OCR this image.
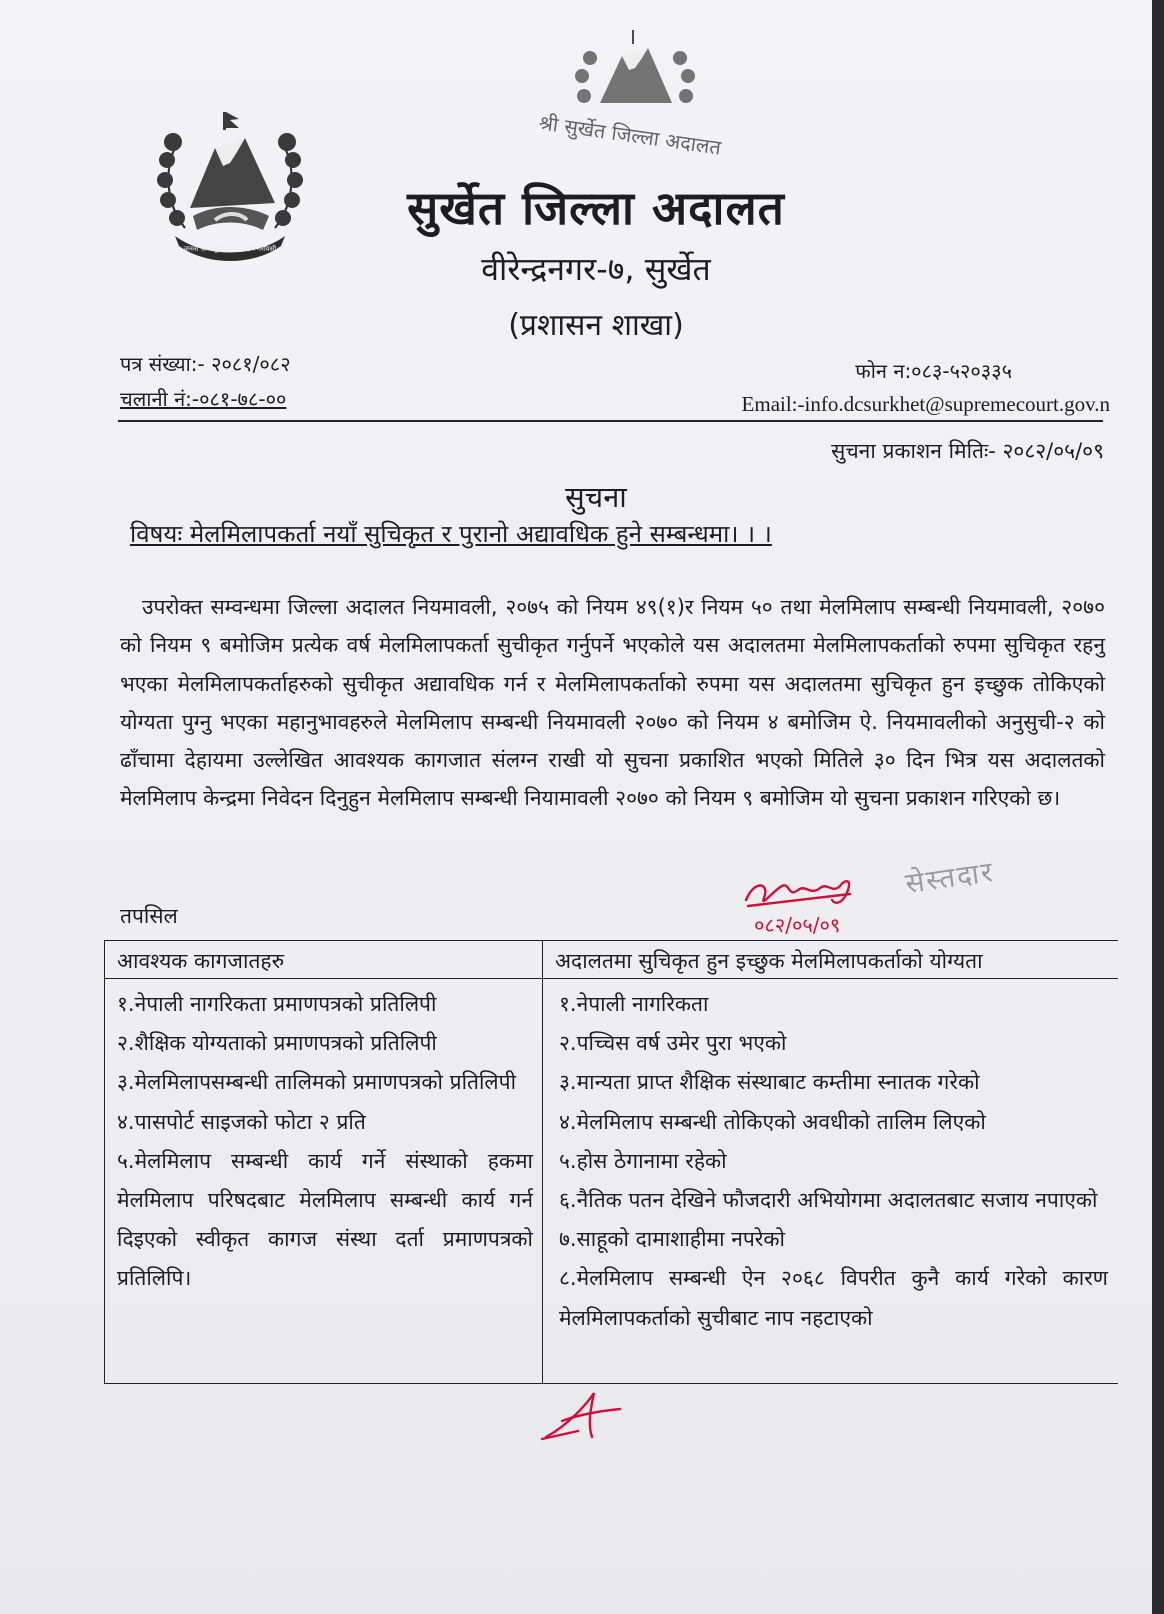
जननी जन्मभूमिश्च स्वर्गादपि गरीयसी
श्री सुर्खेत जिल्ला अदालत
सुर्खेत जिल्ला अदालत
वीरेन्द्रनगर-७, सुर्खेत
(प्रशासन शाखा)
पत्र संख्या:- २०८१/०८२
चलानी नं:-०८१-७८-००
फोन न:०८३-५२०३३५
Email:-info.dcsurkhet@supremecourt.gov.n
सुचना प्रकाशन मितिः- २०८२/०५/०९
सुचना
विषयः मेलमिलापकर्ता नयाँ सुचिकृत र पुरानो अद्यावधिक हुने सम्बन्धमा। । ।
उपरोक्त सम्वन्धमा जिल्ला अदालत नियमावली, २०७५ को नियम ४९(१)र नियम ५० तथा मेलमिलाप सम्बन्धी नियमावली, २०७० को नियम ९ बमोजिम प्रत्येक वर्ष मेलमिलापकर्ता सुचीकृत गर्नुपर्ने भएकोले यस अदालतमा मेलमिलापकर्ताको रुपमा सुचिकृत रहनु भएका मेलमिलापकर्ताहरुको सुचीकृत अद्यावधिक गर्न र मेलमिलापकर्ताको रुपमा यस अदालतमा सुचिकृत हुन इच्छुक तोकिएको योग्यता पुग्नु भएका महानुभावहरुले मेलमिलाप सम्बन्धी नियमावली २०७० को नियम ४ बमोजिम ऐ. नियमावलीको अनुसुची-२ को ढाँचामा देहायमा उल्लेखित आवश्यक कागजात संलग्न राखी यो सुचना प्रकाशित भएको मितिले ३० दिन भित्र यस अदालतको मेलमिलाप केन्द्रमा निवेदन दिनुहुन मेलमिलाप सम्बन्धी नियामावली २०७० को नियम ९ बमोजिम यो सुचना प्रकाशन गरिएको छ।
तपसिल	०८२/०५/०९
सेस्तदार
आवश्यक कागजातहरु
१.नेपाली नागरिकता प्रमाणपत्रको प्रतिलिपी
२.शैक्षिक योग्यताको प्रमाणपत्रको प्रतिलिपी
३.मेलमिलापसम्बन्धी तालिमको प्रमाणपत्रको प्रतिलिपी
४.पासपोर्ट साइजको फोटा २ प्रति
५.मेलमिलाप सम्बन्धी कार्य गर्ने संस्थाको हकमा मेलमिलाप परिषदबाट मेलमिलाप सम्बन्धी कार्य गर्न दिइएको स्वीकृत कागज संस्था दर्ता प्रमाणपत्रको प्रतिलिपि।
अदालतमा सुचिकृत हुन इच्छुक मेलमिलापकर्ताको योग्यता
१.नेपाली नागरिकता
२.पच्चिस वर्ष उमेर पुरा भएको
३.मान्यता प्राप्त शैक्षिक संस्थाबाट कम्तीमा स्नातक गरेको
४.मेलमिलाप सम्बन्धी तोकिएको अवधीको तालिम लिएको
५.होस ठेगानामा रहेको
६.नैतिक पतन देखिने फौजदारी अभियोगमा अदालतबाट सजाय नपाएको
७.साहूको दामाशाहीमा नपरेको
८.मेलमिलाप सम्बन्धी ऐन २०६८ विपरीत कुनै कार्य गरेको कारण मेलमिलापकर्ताको सुचीबाट नाप नहटाएको
